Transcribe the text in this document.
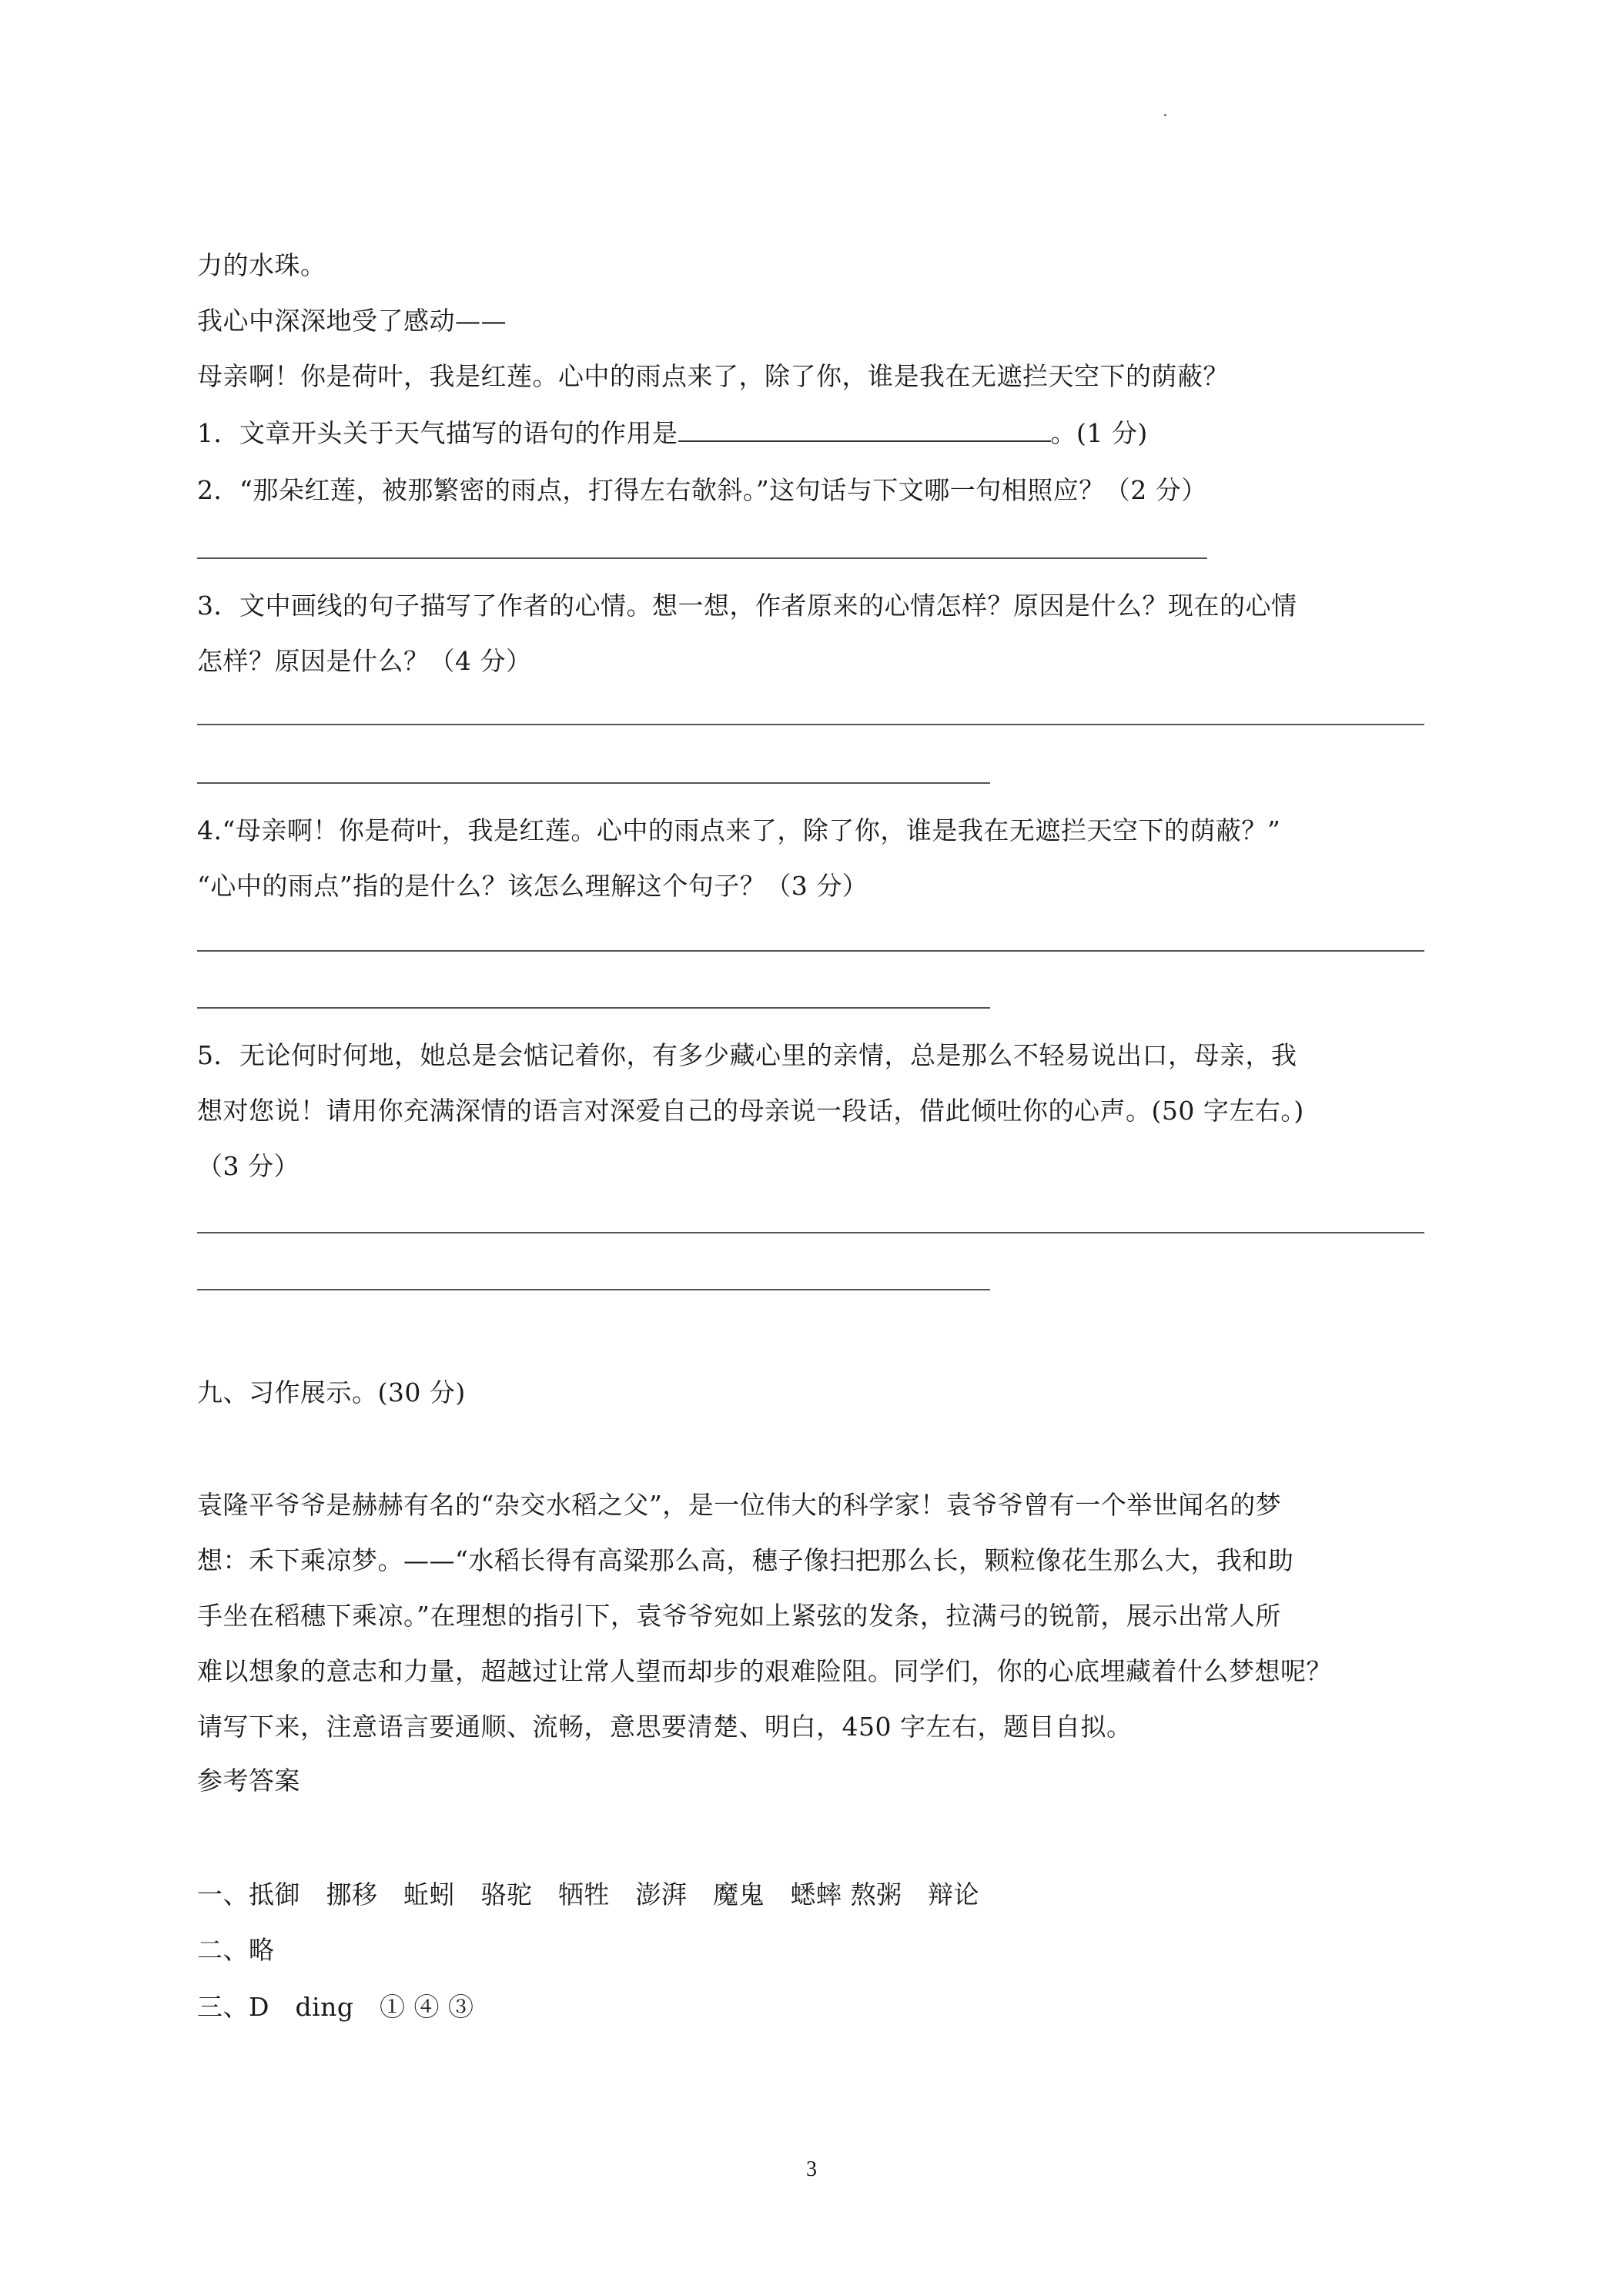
力的水珠。
我心中深深地受了感动——
母亲啊！你是荷叶，我是红莲。心中的雨点来了，除了你，谁是我在无遮拦天空下的荫蔽？
1．文章开头关于天气描写的语句的作用是	。(1 分)
2．“那朵红莲，被那繁密的雨点，打得左右欹斜。”这句话与下文哪一句相照应？（2 分）
3．文中画线的句子描写了作者的心情。想一想，作者原来的心情怎样？原因是什么？现在的心情
怎样？原因是什么？（4 分）
4.“母亲啊！你是荷叶，我是红莲。心中的雨点来了，除了你，谁是我在无遮拦天空下的荫蔽？”
“心中的雨点”指的是什么？该怎么理解这个句子？（3 分）
5．无论何时何地，她总是会惦记着你，有多少藏心里的亲情，总是那么不轻易说出口，母亲，我
想对您说！请用你充满深情的语言对深爱自己的母亲说一段话，借此倾吐你的心声。(50 字左右。)
（3 分）
九、习作展示。(30 分)
袁隆平爷爷是赫赫有名的“杂交水稻之父”，是一位伟大的科学家！袁爷爷曾有一个举世闻名的梦
想：禾下乘凉梦。——“水稻长得有高粱那么高，穗子像扫把那么长，颗粒像花生那么大，我和助
手坐在稻穗下乘凉。”在理想的指引下，袁爷爷宛如上紧弦的发条，拉满弓的锐箭，展示出常人所
难以想象的意志和力量，超越过让常人望而却步的艰难险阻。同学们，你的心底埋藏着什么梦想呢？
请写下来，注意语言要通顺、流畅，意思要清楚、明白，450 字左右，题目自拟。
参考答案
一、抵御　挪移　蚯蚓　骆驼　牺牲　澎湃　魔鬼　蟋蟀 熬粥　辩论
二、略
三、D　ding　① ④ ③
3
